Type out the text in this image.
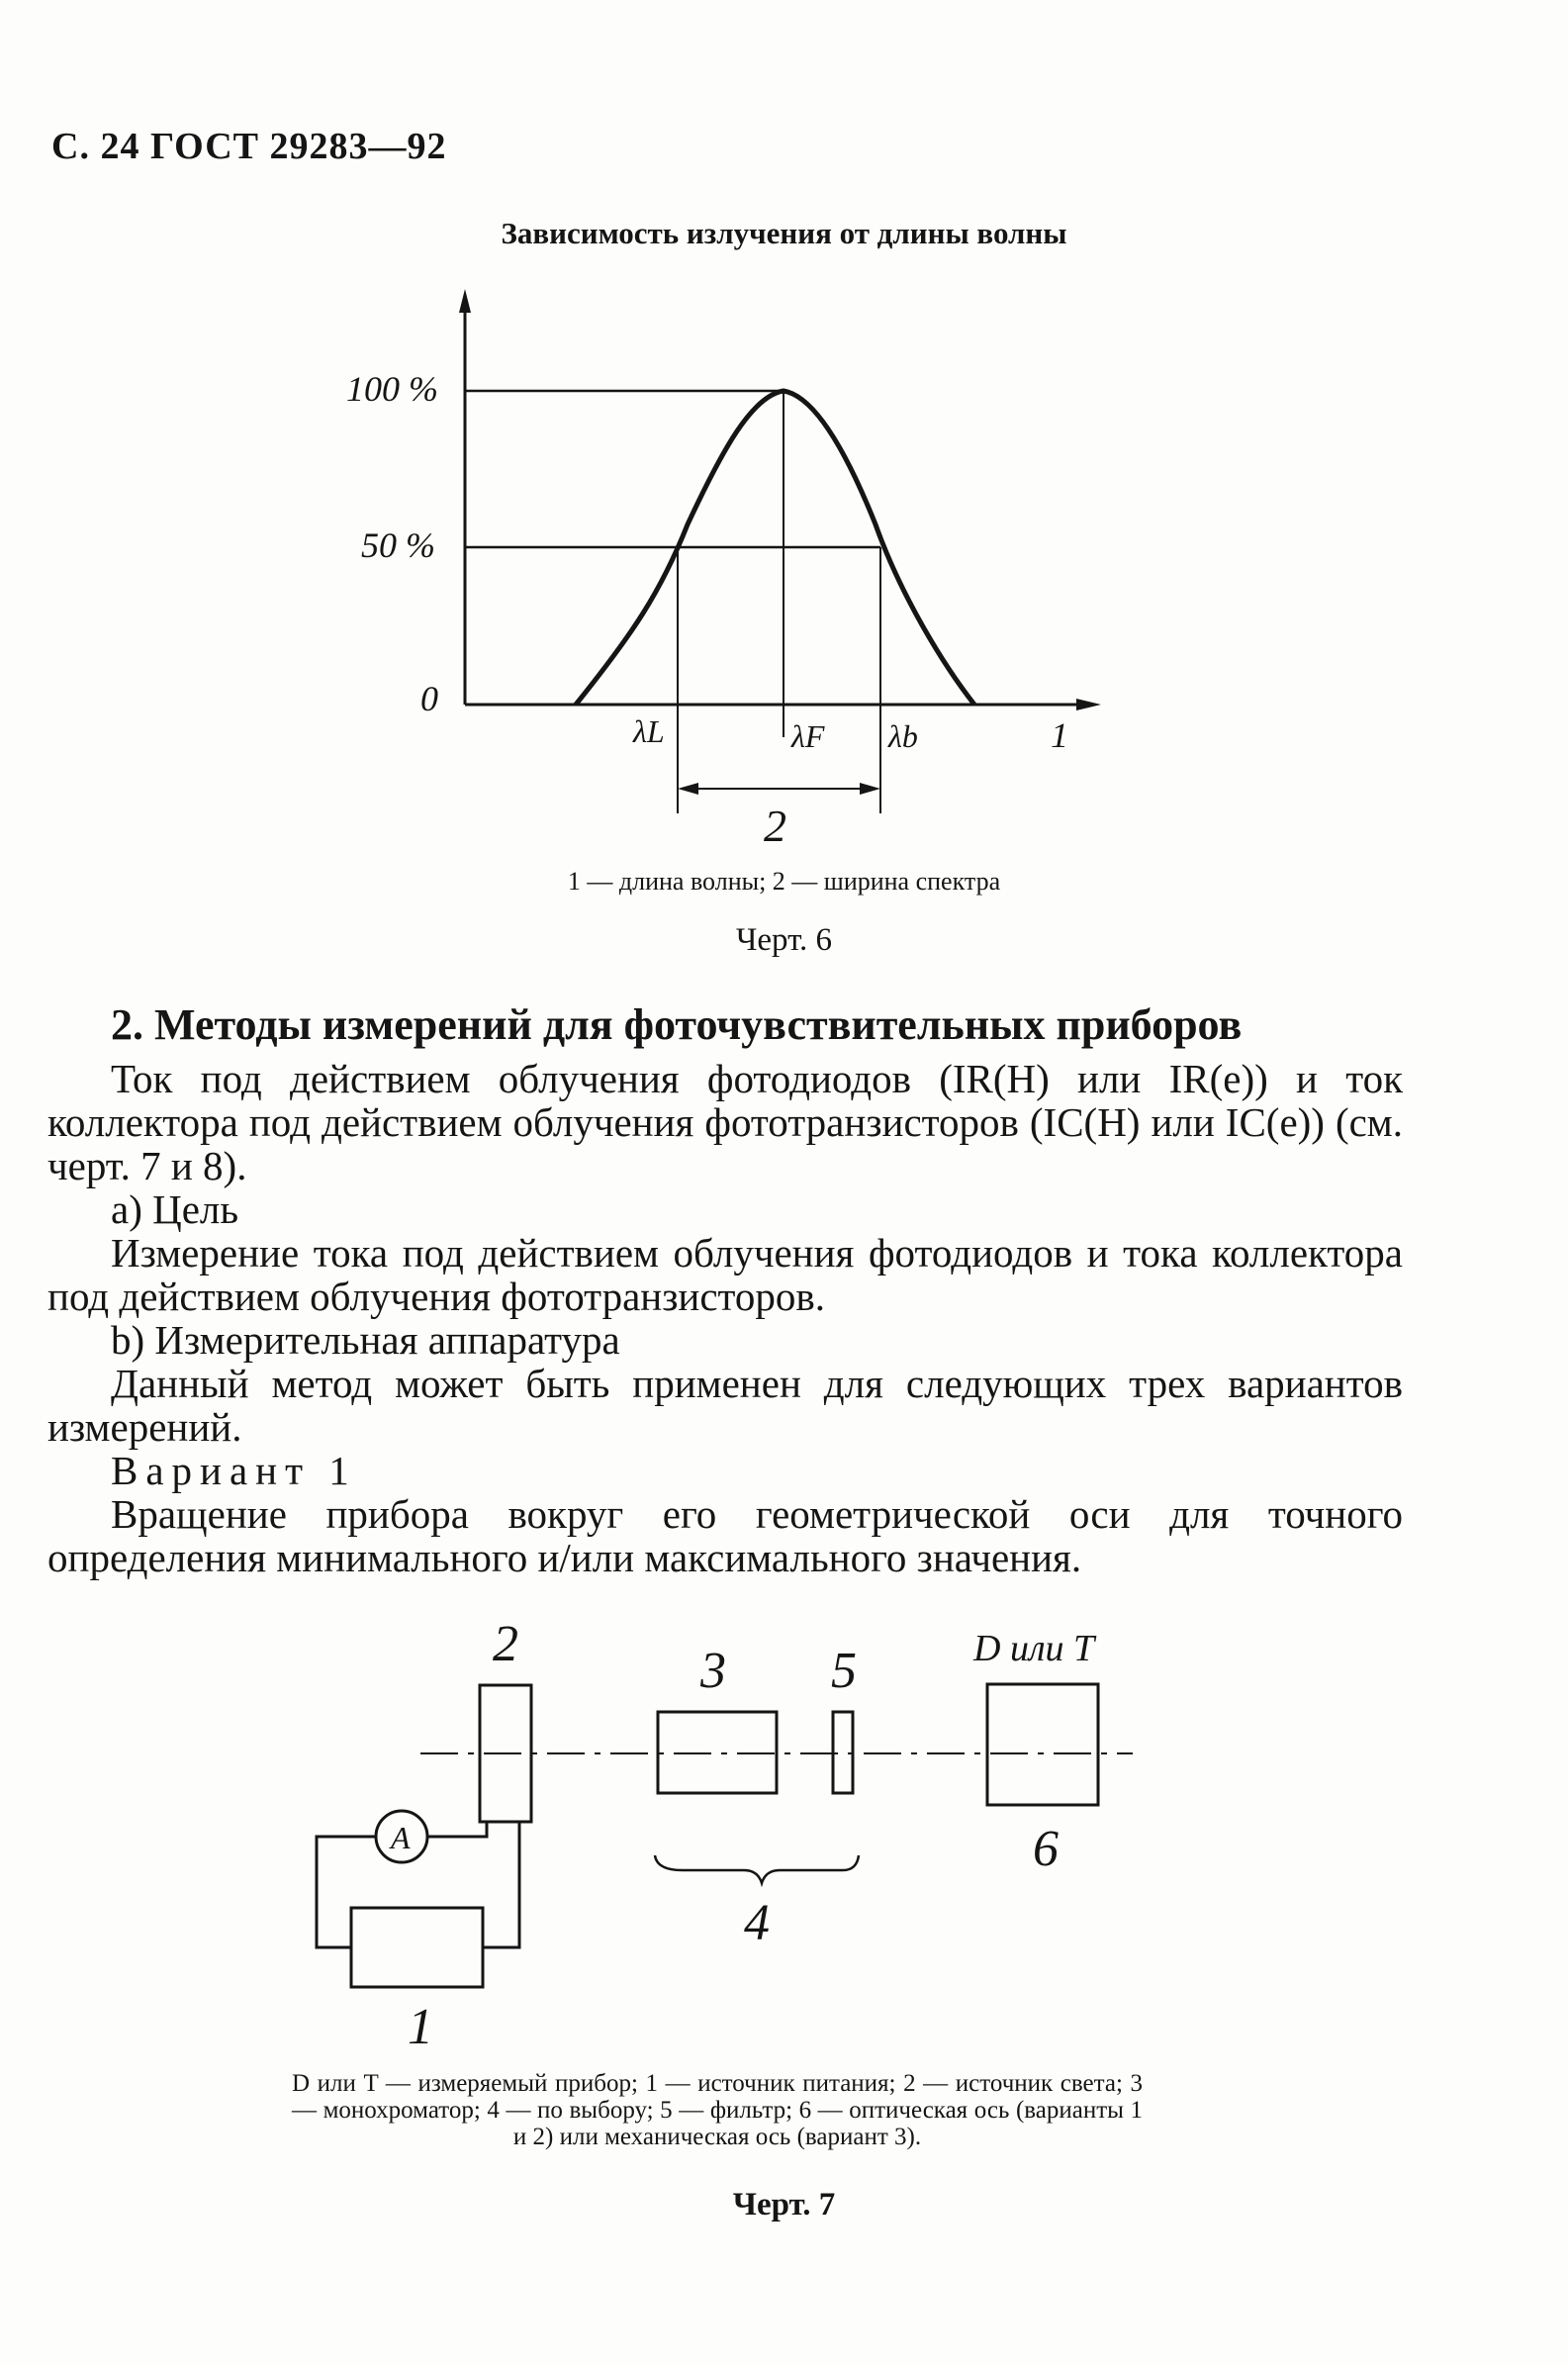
С. 24 ГОСТ 29283—92
Зависимость излучения от длины волны
100 %
50 %
0
λL	λF λb	1
2
1 — длина волны; 2 — ширина спектра
Черт. 6
2. Методы измерений для фоточувствительных приборов

Ток под действием облучения фотодиодов (IR(H) или IR(e)) и ток коллектора под действием облучения фототранзисторов (IC(H) или IC(e)) (см. черт. 7 и 8).

а) Цель

Измерение тока под действием облучения фотодиодов и тока коллектора под действием облучения фототранзисторов.

b) Измерительная аппаратура

Данный метод может быть применен для следующих трех вариантов измерений.

Вариант 1

Вращение прибора вокруг его геометрической оси для точного определения минимального и/или максимального значения.

2	3 5	D или T
6
4
1
A
D или T — измеряемый прибор; 1 — источник питания; 2 — источник света; 3 — монохроматор; 4 — по выбору; 5 — фильтр; 6 — оптическая ось (варианты 1 и 2) или механическая ось (вариант 3).
Черт. 7
